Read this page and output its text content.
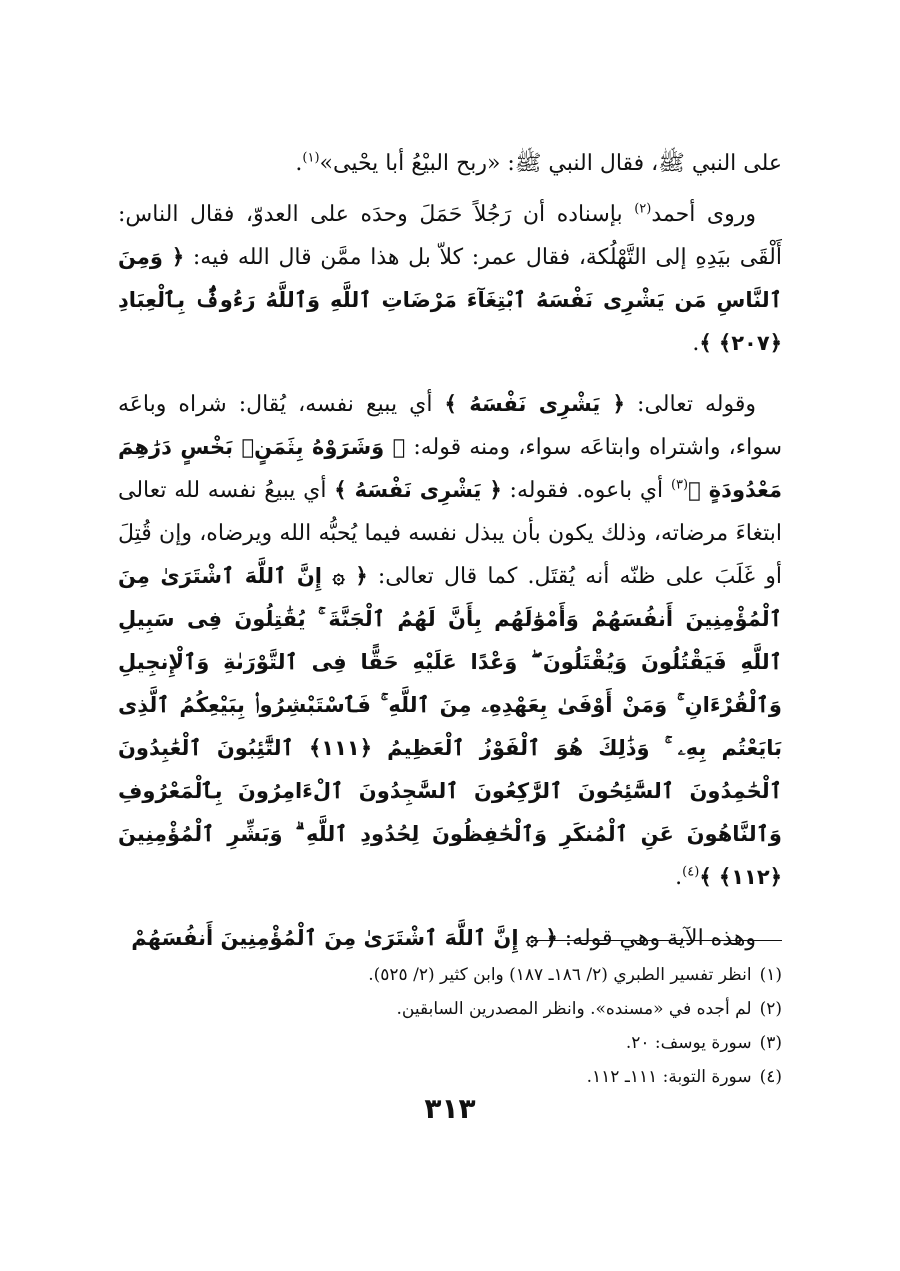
على النبي ﷺ، فقال النبي ﷺ: «ربح البيْعُ أبا يحْيى»$^{(١)}$.

وروى أحمد$^{(٢)}$ بإسناده أن رَجُلاً حَمَلَ وحدَه على العدوّ، فقال الناس: أَلْقَى بيَدِهِ إلى التَّهْلُكة، فقال عمر: كلاّ بل هذا ممَّن قال الله فيه: ﴿ وَمِنَ ٱلنَّاسِ مَن يَشْرِى نَفْسَهُ ٱبْتِغَآءَ مَرْضَاتِ ٱللَّهِ وَٱللَّهُ رَءُوفٌۢ بِٱلْعِبَادِ ﴿٢٠٧﴾ ﴾.

وقوله تعالى: ﴿ يَشْرِى نَفْسَهُ ﴾ أي يبيع نفسه، يُقال: شراه وباعَه سواء، واشتراه وابتاعَه سواء، ومنه قوله: ﴿ وَشَرَوْهُ بِثَمَنٍۭ بَخْسٍ دَرَٰهِمَ مَعْدُودَةٍ ﴾$^{(٣)}$ أي باعوه. فقوله: ﴿ يَشْرِى نَفْسَهُ ﴾ أي يبيعُ نفسه لله تعالى ابتغاءَ مرضاته، وذلك يكون بأن يبذل نفسه فيما يُحبُّه الله ويرضاه، وإن قُتِلَ أو غَلَبَ على ظنّه أنه يُقتَل. كما قال تعالى: ﴿ ۞ إِنَّ ٱللَّهَ ٱشْتَرَىٰ مِنَ ٱلْمُؤْمِنِينَ أَنفُسَهُمْ وَأَمْوَٰلَهُم بِأَنَّ لَهُمُ ٱلْجَنَّةَ ۚ يُقَٰتِلُونَ فِى سَبِيلِ ٱللَّهِ فَيَقْتُلُونَ وَيُقْتَلُونَ ۖ وَعْدًا عَلَيْهِ حَقًّا فِى ٱلتَّوْرَىٰةِ وَٱلْإِنجِيلِ وَٱلْقُرْءَانِ ۚ وَمَنْ أَوْفَىٰ بِعَهْدِهِۦ مِنَ ٱللَّهِ ۚ فَٱسْتَبْشِرُوا۟ بِبَيْعِكُمُ ٱلَّذِى بَايَعْتُم بِهِۦ ۚ وَذَٰلِكَ هُوَ ٱلْفَوْزُ ٱلْعَظِيمُ ﴿١١١﴾ ٱلتَّٰٓئِبُونَ ٱلْعَٰبِدُونَ ٱلْحَٰمِدُونَ ٱلسَّٰٓئِحُونَ ٱلرَّٰكِعُونَ ٱلسَّٰجِدُونَ ٱلْءَامِرُونَ بِٱلْمَعْرُوفِ وَٱلنَّاهُونَ عَنِ ٱلْمُنكَرِ وَٱلْحَٰفِظُونَ لِحُدُودِ ٱللَّهِ ۗ وَبَشِّرِ ٱلْمُؤْمِنِينَ ﴿١١٢﴾ ﴾$^{(٤)}$.

وهذه الآية وهي قوله: ﴿ ۞ إِنَّ ٱللَّهَ ٱشْتَرَىٰ مِنَ ٱلْمُؤْمِنِينَ أَنفُسَهُمْ

(١)انظر تفسير الطبري (٢/ ١٨٦ـ ١٨٧) وابن كثير (٢/ ٥٢٥).

(٢)لم أجده في «مسنده». وانظر المصدرين السابقين.

(٣)سورة يوسف: ٢٠.

(٤)سورة التوبة: ١١١ـ ١١٢.

٣١٣
